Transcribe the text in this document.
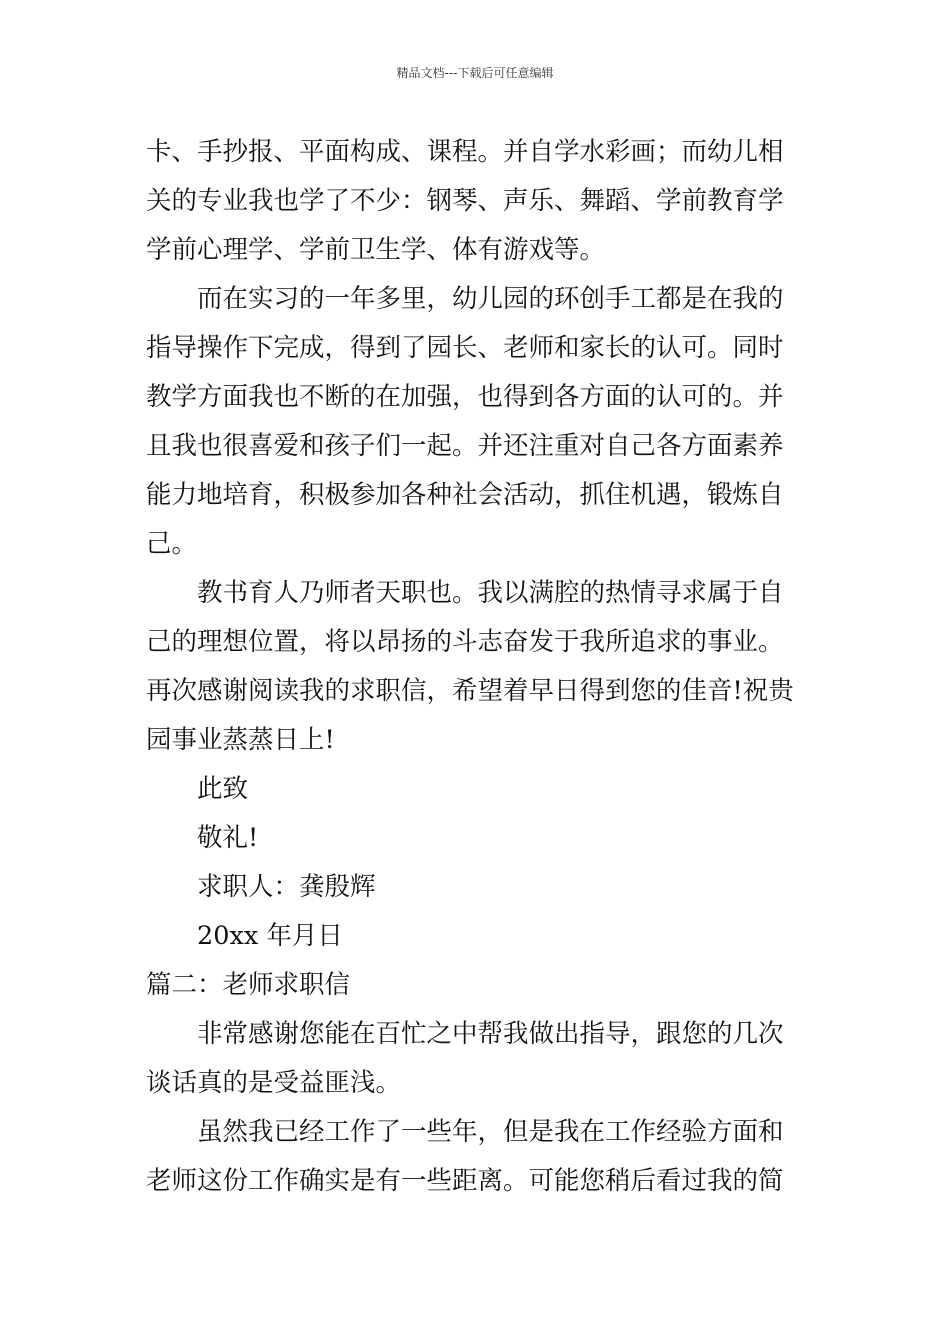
精品文档---下载后可任意编辑
卡、手抄报、平面构成、课程。并自学水彩画；而幼儿相
关的专业我也学了不少：钢琴、声乐、舞蹈、学前教育学
学前心理学、学前卫生学、体有游戏等。
而在实习的一年多里，幼儿园的环创手工都是在我的
指导操作下完成，得到了园长、老师和家长的认可。同时
教学方面我也不断的在加强，也得到各方面的认可的。并
且我也很喜爱和孩子们一起。并还注重对自己各方面素养
能力地培育，积极参加各种社会活动，抓住机遇，锻炼自
己。
教书育人乃师者天职也。我以满腔的热情寻求属于自
己的理想位置，将以昂扬的斗志奋发于我所追求的事业。
再次感谢阅读我的求职信，希望着早日得到您的佳音!祝贵
园事业蒸蒸日上!
此致
敬礼!
求职人：龚殷辉
20xx 年月日
篇二：老师求职信
非常感谢您能在百忙之中帮我做出指导，跟您的几次
谈话真的是受益匪浅。
虽然我已经工作了一些年，但是我在工作经验方面和
老师这份工作确实是有一些距离。可能您稍后看过我的简
